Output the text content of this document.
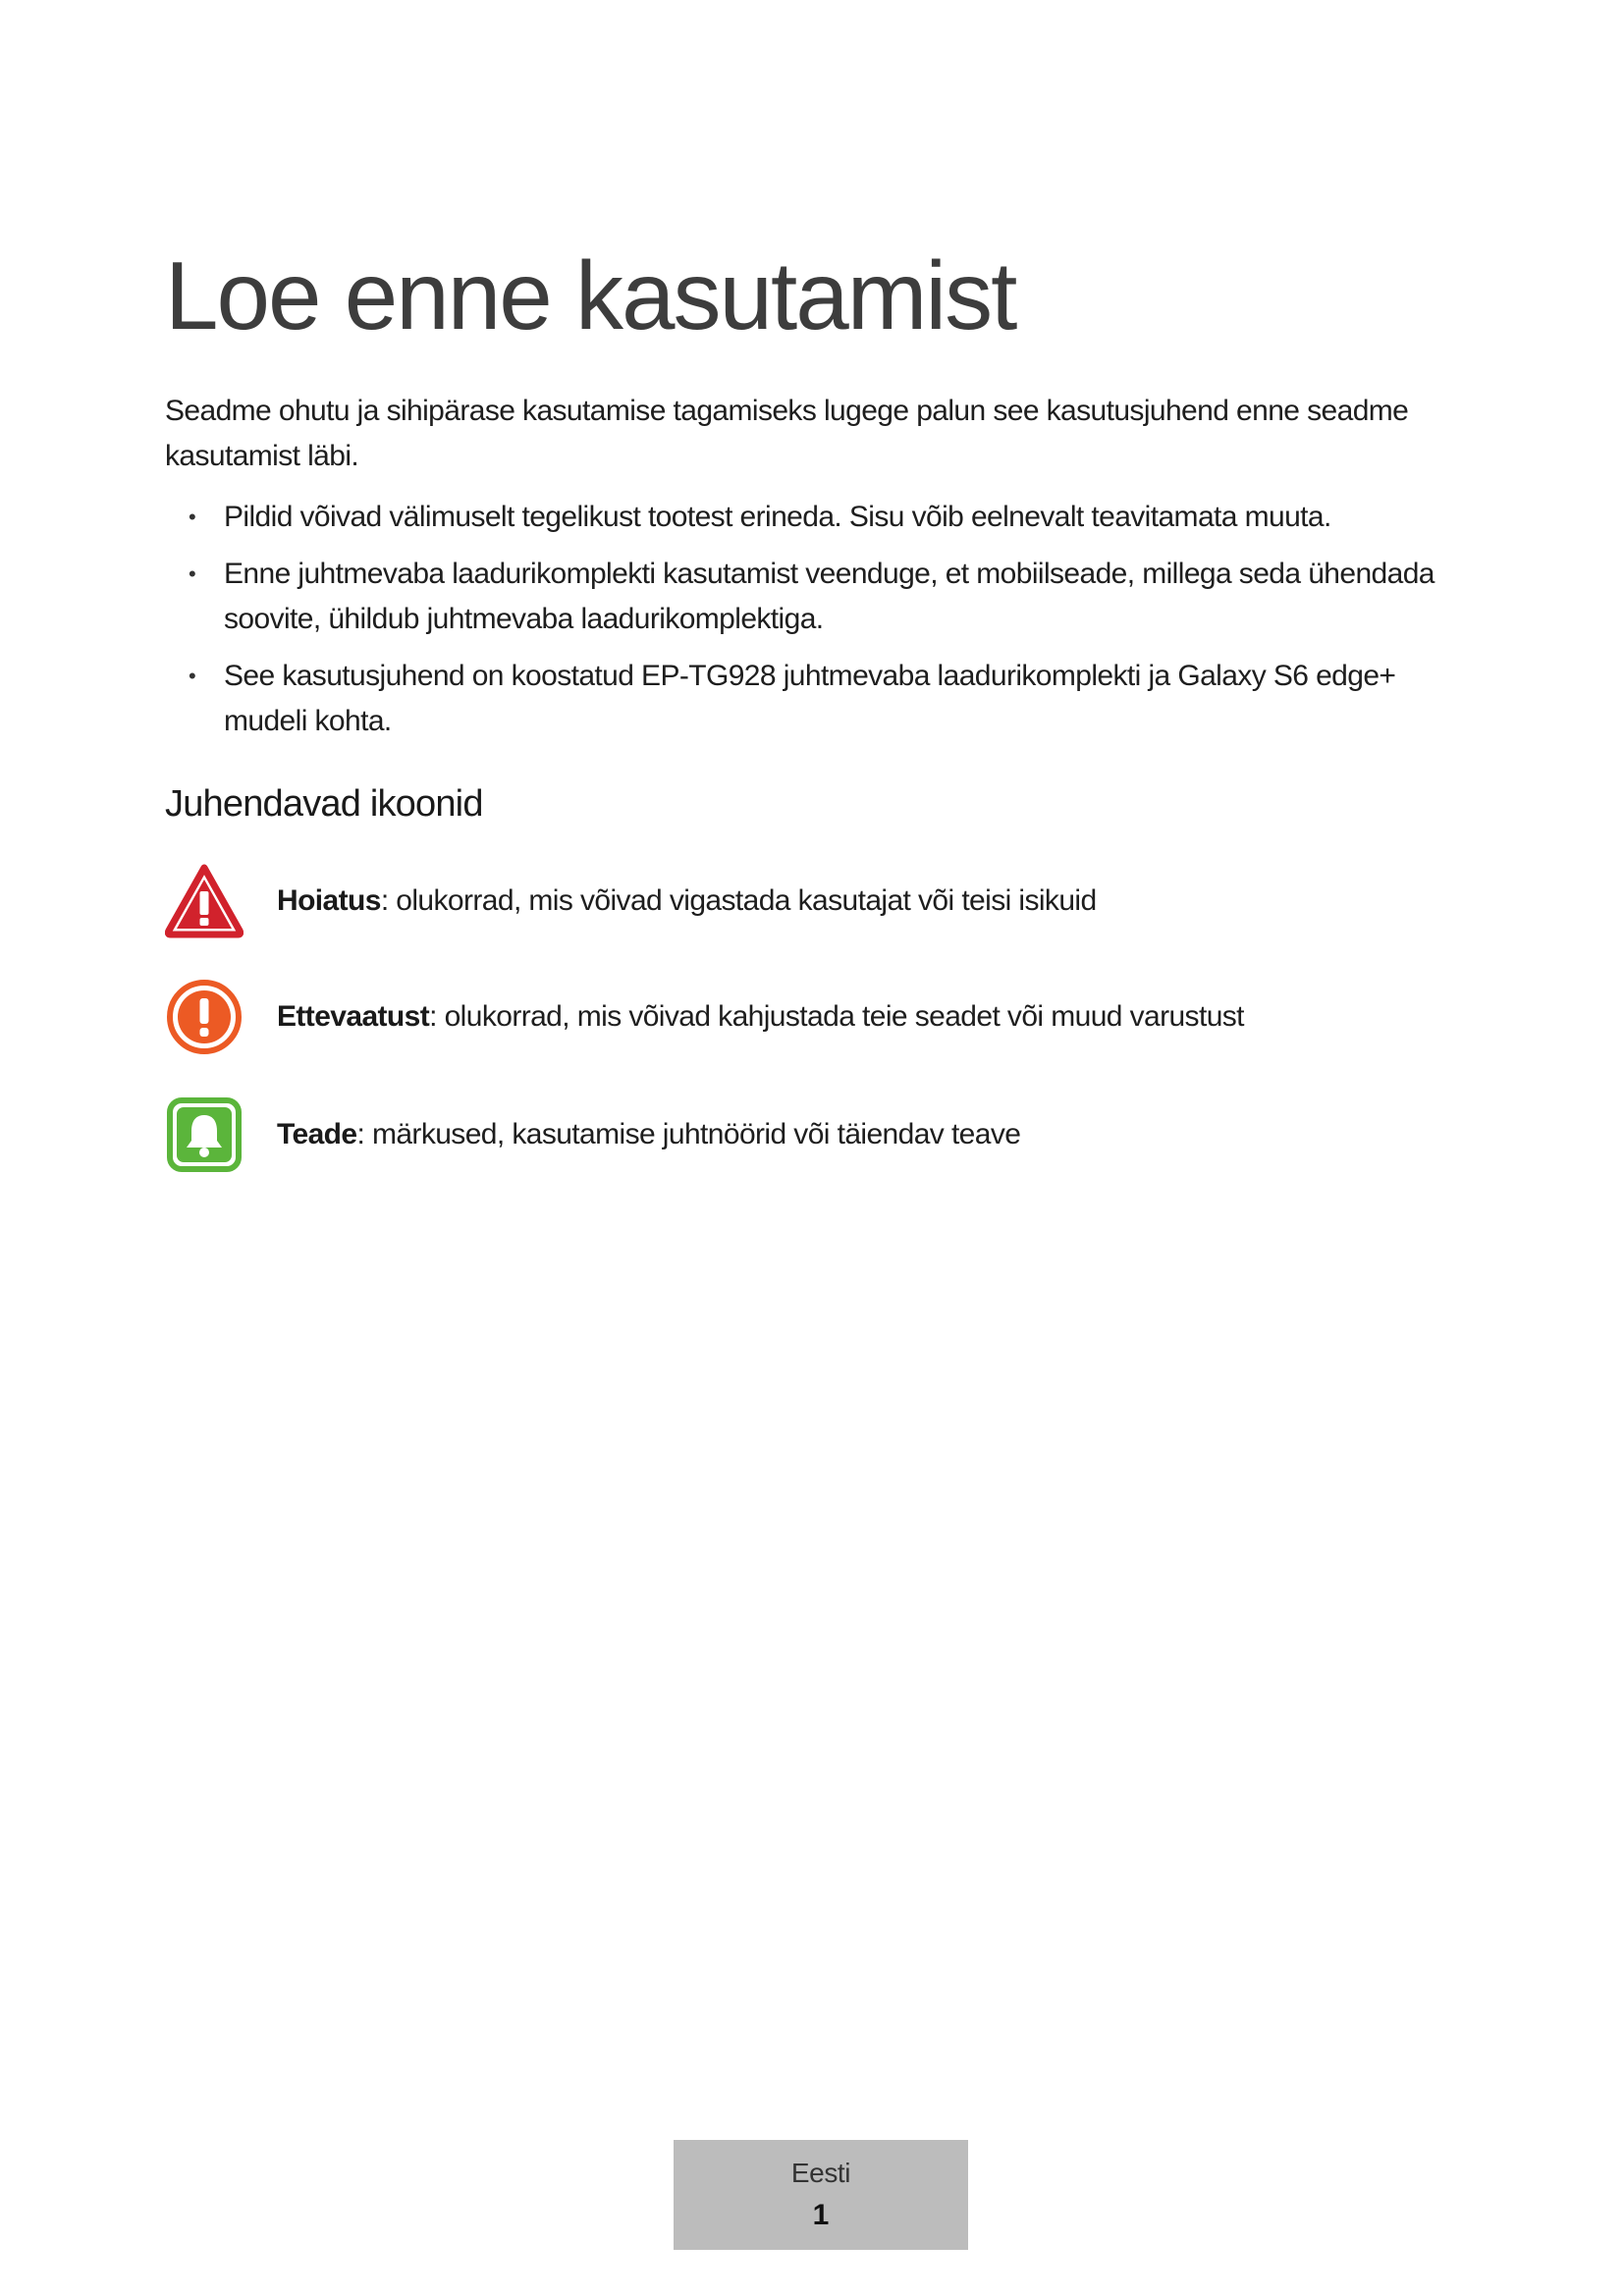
Loe enne kasutamist

Seadme ohutu ja sihipärase kasutamise tagamiseks lugege palun see kasutusjuhend enne seadme kasutamist läbi.

• Pildid võivad välimuselt tegelikust tootest erineda. Sisu võib eelnevalt teavitamata muuta.
• Enne juhtmevaba laadurikomplekti kasutamist veenduge, et mobiilseade, millega seda ühendada soovite, ühildub juhtmevaba laadurikomplektiga.
• See kasutusjuhend on koostatud EP-TG928 juhtmevaba laadurikomplekti ja Galaxy S6 edge+ mudeli kohta.
Juhendavad ikoonid
Hoiatus: olukorrad, mis võivad vigastada kasutajat või teisi isikuid
Ettevaatust: olukorrad, mis võivad kahjustada teie seadet või muud varustust
Teade: märkused, kasutamise juhtnöörid või täiendav teave
Eesti
1
